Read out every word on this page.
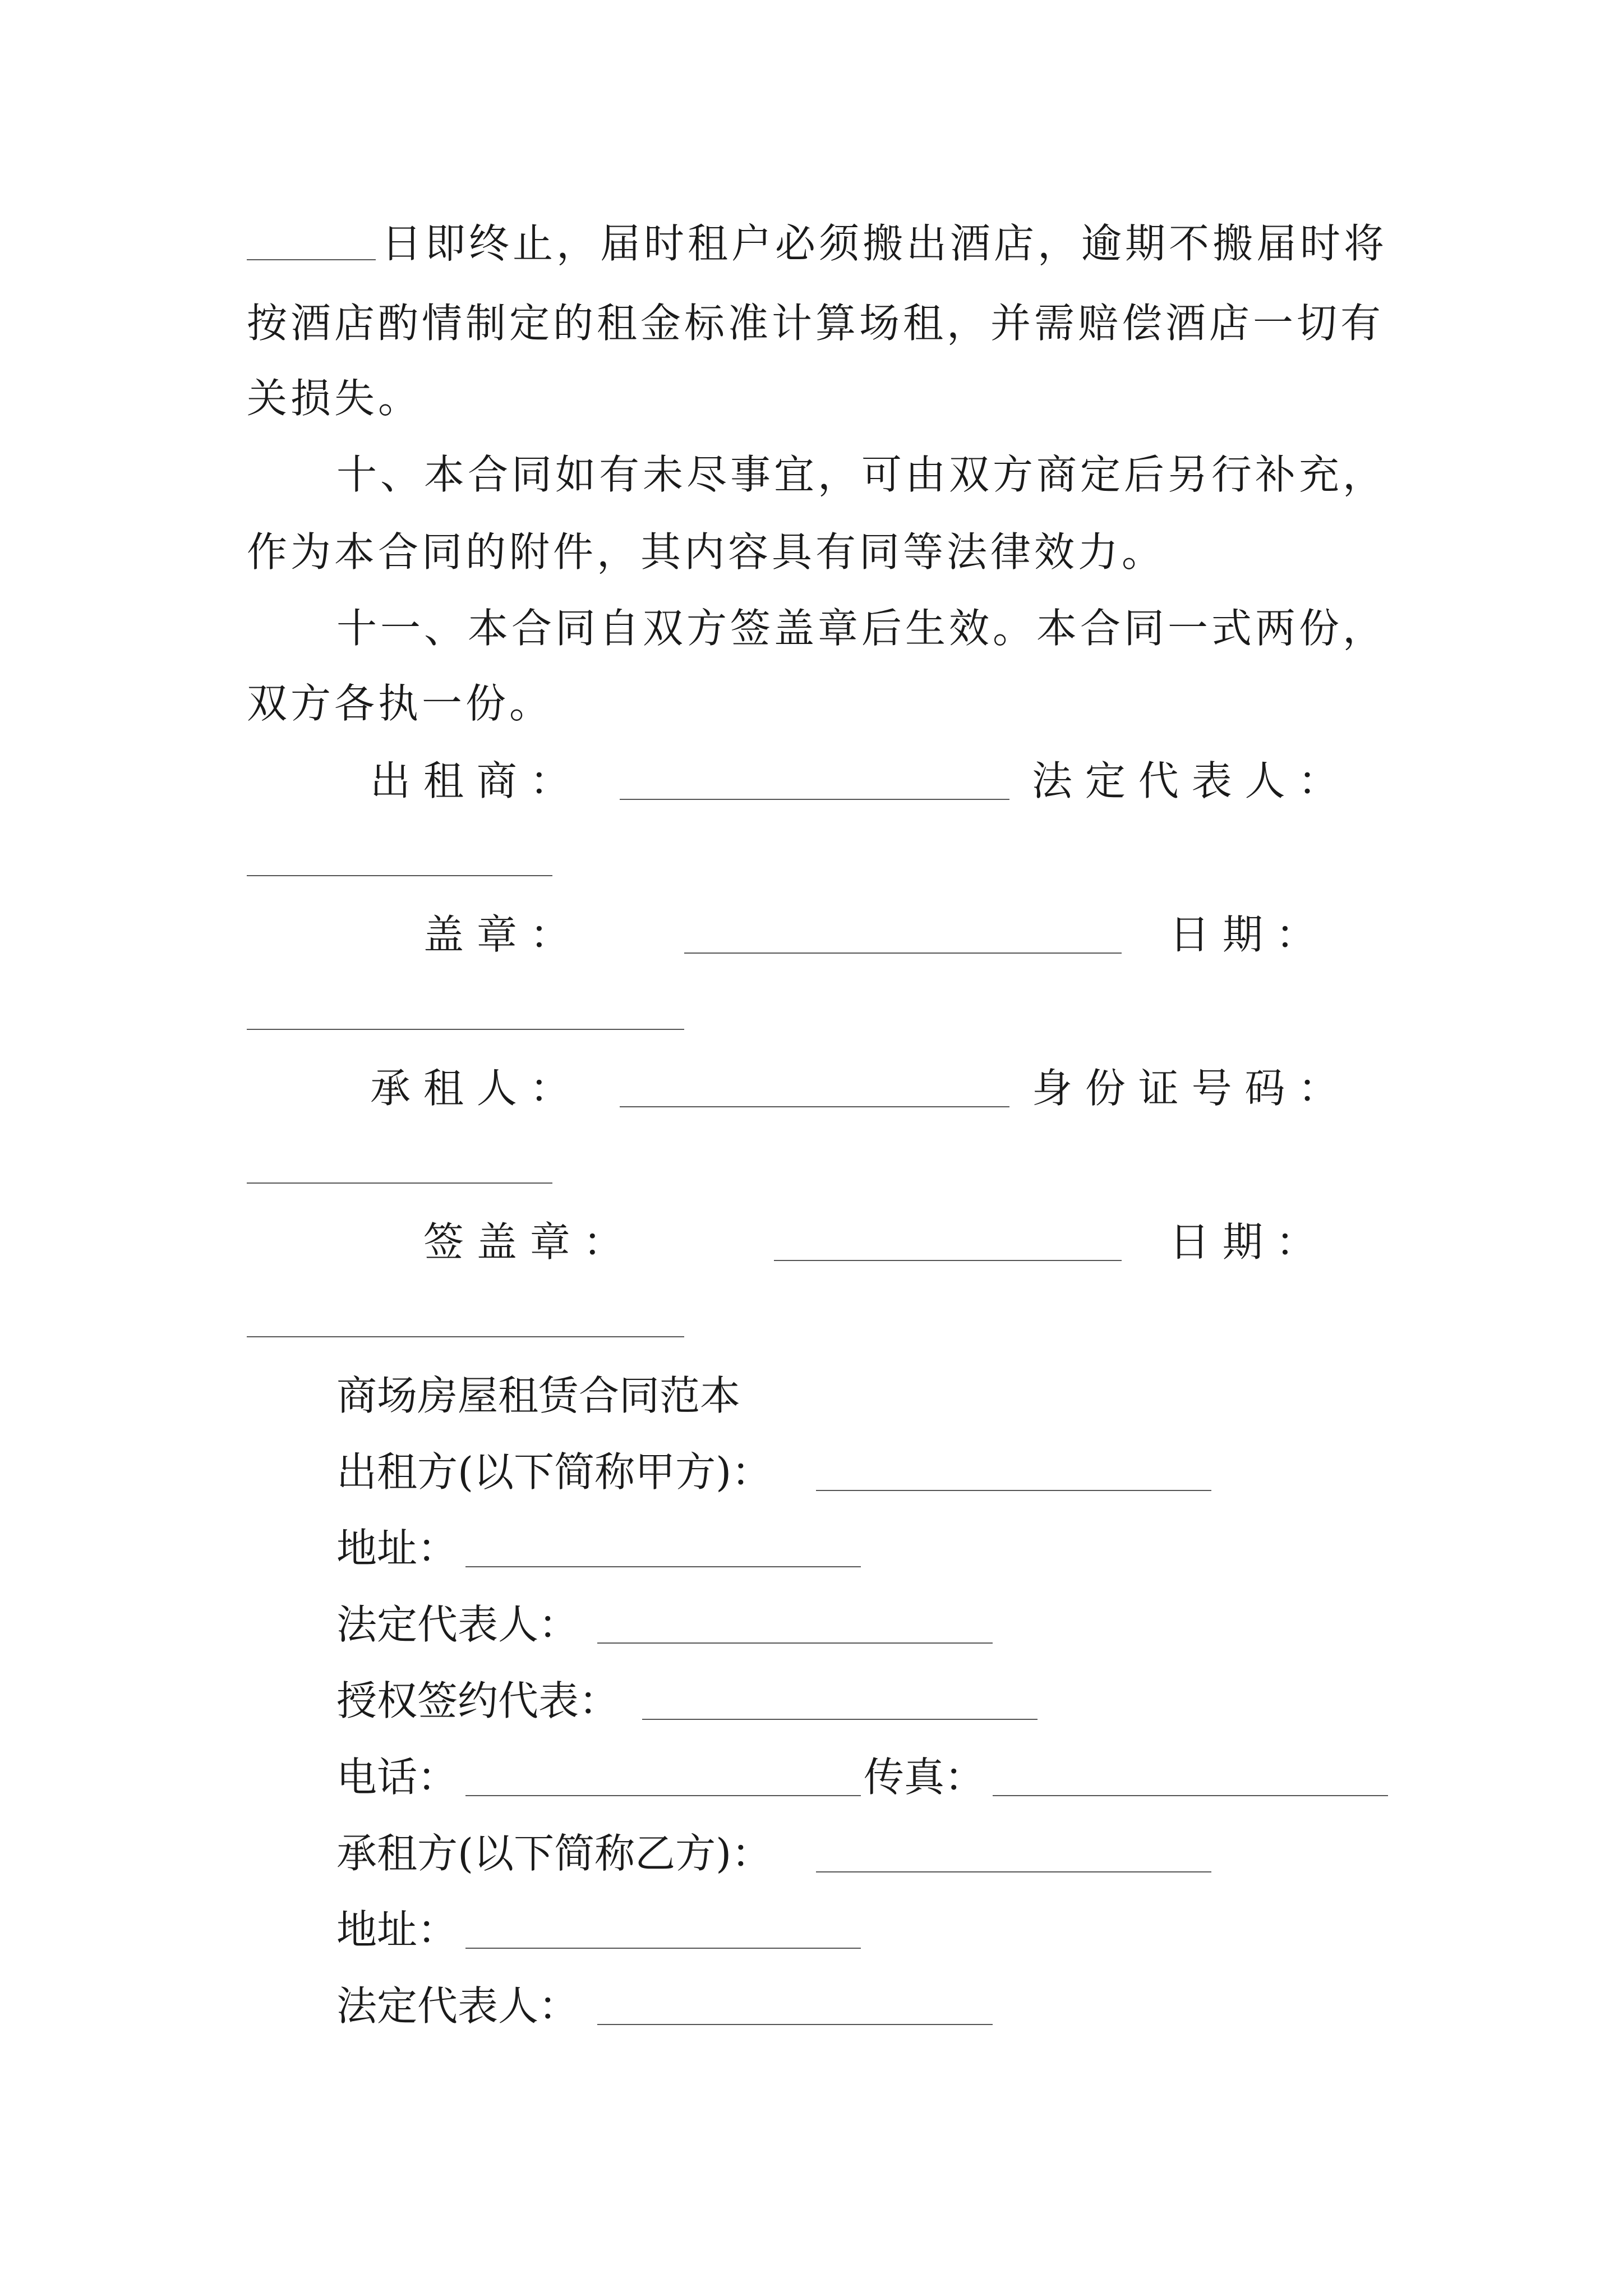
日即终止，届时租户必须搬出酒店，逾期不搬届时将
按酒店酌情制定的租金标准计算场租，并需赔偿酒店一切有
关损失。
十、本合同如有未尽事宜，可由双方商定后另行补充，
作为本合同的附件，其内容具有同等法律效力。
十一、本合同自双方签盖章后生效。本合同一式两份，
双方各执一份。
出 租 商 ：	法 定 代 表 人 ：
盖 章 ：	日 期 ：
承 租 人 ：	身 份 证 号 码 ：
签 盖 章 ：	日 期 ：
商场房屋租赁合同范本
出租方(以下简称甲方)：
地址：
法定代表人：
授权签约代表：
电话：	传真：
承租方(以下简称乙方)：
地址：
法定代表人：
